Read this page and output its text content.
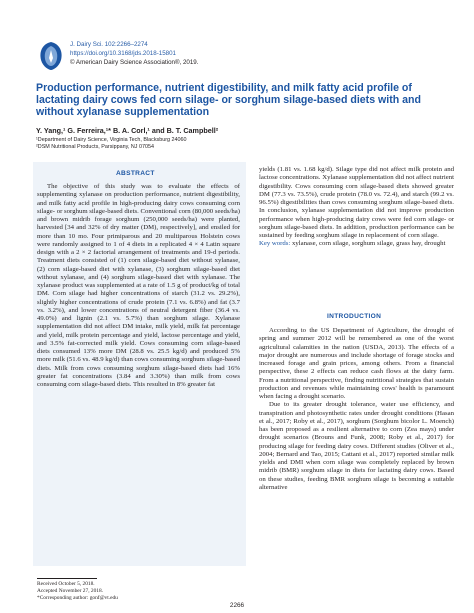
J. Dairy Sci. 102:2266–2274
https://doi.org/10.3168/jds.2018-15801
© American Dairy Science Association®, 2019.
Production performance, nutrient digestibility, and milk fatty acid profile of lactating dairy cows fed corn silage- or sorghum silage-based diets with and without xylanase supplementation
Y. Yang,¹ G. Ferreira,¹* B. A. Corl,¹ and B. T. Campbell²
¹Department of Dairy Science, Virginia Tech, Blacksburg 24060
²DSM Nutritional Products, Parsippany, NJ 07054
ABSTRACT

The objective of this study was to evaluate the effects of supplementing xylanase on production performance, nutrient digestibility, and milk fatty acid profile in high-producing dairy cows consuming corn silage- or sorghum silage-based diets. Conventional corn (80,000 seeds/ha) and brown midrib forage sorghum (250,000 seeds/ha) were planted, harvested [34 and 32% of dry matter (DM), respectively], and ensiled for more than 10 mo. Four primiparous and 20 multiparous Holstein cows were randomly assigned to 1 of 4 diets in a replicated 4 × 4 Latin square design with a 2 × 2 factorial arrangement of treatments and 19-d periods. Treatment diets consisted of (1) corn silage-based diet without xylanase, (2) corn silage-based diet with xylanase, (3) sorghum silage-based diet without xylanase, and (4) sorghum silage-based diet with xylanase. The xylanase product was supplemented at a rate of 1.5 g of product/kg of total DM. Corn silage had higher concentrations of starch (31.2 vs. 29.2%), slightly higher concentrations of crude protein (7.1 vs. 6.8%) and fat (3.7 vs. 3.2%), and lower concentrations of neutral detergent fiber (36.4 vs. 49.0%) and lignin (2.1 vs. 5.7%) than sorghum silage. Xylanase supplementation did not affect DM intake, milk yield, milk fat percentage and yield, milk protein percentage and yield, lactose percentage and yield, and 3.5% fat-corrected milk yield. Cows consuming corn silage-based diets consumed 13% more DM (28.8 vs. 25.5 kg/d) and produced 5% more milk (51.6 vs. 48.9 kg/d) than cows consuming sorghum silage-based diets. Milk from cows consuming sorghum silage-based diets had 16% greater fat concentrations (3.84 and 3.30%) than milk from cows consuming corn silage-based diets. This resulted in 8% greater fat

yields (1.81 vs. 1.68 kg/d). Silage type did not affect milk protein and lactose concentrations. Xylanase supplementation did not affect nutrient digestibility. Cows consuming corn silage-based diets showed greater DM (77.3 vs. 73.5%), crude protein (78.0 vs. 72.4), and starch (99.2 vs. 96.5%) digestibilities than cows consuming sorghum silage-based diets. In conclusion, xylanase supplementation did not improve production performance when high-producing dairy cows were fed corn silage- or sorghum silage-based diets. In addition, production performance can be sustained by feeding sorghum silage in replacement of corn silage.

Key words: xylanase, corn silage, sorghum silage, grass hay, drought

INTRODUCTION

According to the US Department of Agriculture, the drought of spring and summer 2012 will be remembered as one of the worst agricultural calamities in the nation (USDA, 2013). The effects of a major drought are numerous and include shortage of forage stocks and increased forage and grain prices, among others. From a financial perspective, these 2 effects can reduce cash flows at the dairy farm. From a nutritional perspective, finding nutritional strategies that sustain production and revenues while maintaining cows' health is paramount when facing a drought scenario.

Due to its greater drought tolerance, water use efficiency, and transpiration and photosynthetic rates under drought conditions (Hasan et al., 2017; Roby et al., 2017), sorghum (Sorghum bicolor L. Moench) has been proposed as a resilient alternative to corn (Zea mays) under drought scenarios (Brouns and Funk, 2008; Roby et al., 2017) for producing silage for feeding dairy cows. Different studies (Oliver et al., 2004; Bernard and Tao, 2015; Cattani et al., 2017) reported similar milk yields and DMI when corn silage was completely replaced by brown midrib (BMR) sorghum silage in diets for lactating dairy cows. Based on these studies, feeding BMR sorghum silage is becoming a suitable alternative

Received October 5, 2018.
Accepted November 27, 2018.
*Corresponding author: gonf@vt.edu
2266
